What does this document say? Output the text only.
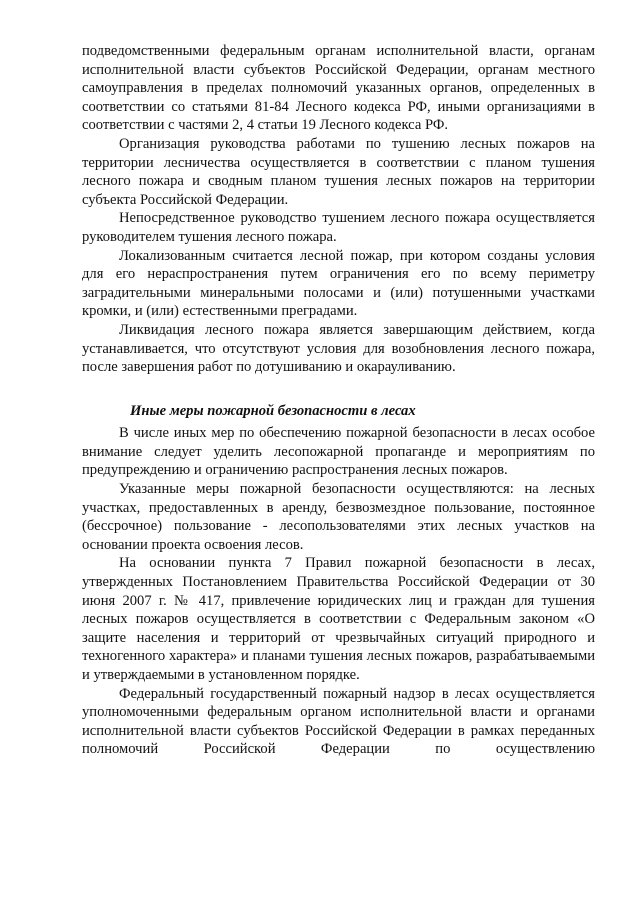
подведомственными федеральным органам исполнительной власти, органам исполнительной власти субъектов Российской Федерации, органам местного самоуправления в пределах полномочий указанных органов, определенных в соответствии со статьями 81-84 Лесного кодекса РФ, иными организациями в соответствии с частями 2, 4 статьи 19 Лесного кодекса РФ.

Организация руководства работами по тушению лесных пожаров на территории лесничества осуществляется в соответствии с планом тушения лесного пожара и сводным планом тушения лесных пожаров на территории субъекта Российской Федерации.

Непосредственное руководство тушением лесного пожара осуществляется руководителем тушения лесного пожара.

Локализованным считается лесной пожар, при котором созданы условия для его нераспространения путем ограничения его по всему периметру заградительными минеральными полосами и (или) потушенными участками кромки, и (или) естественными преградами.

Ликвидация лесного пожара является завершающим действием, когда устанавливается, что отсутствуют условия для возобновления лесного пожара, после завершения работ по дотушиванию и окарауливанию.

Иные меры пожарной безопасности в лесах

В числе иных мер по обеспечению пожарной безопасности в лесах особое внимание следует уделить лесопожарной пропаганде и мероприятиям по предупреждению и ограничению распространения лесных пожаров.

Указанные меры пожарной безопасности осуществляются: на лесных участках, предоставленных в аренду, безвозмездное пользование, постоянное (бессрочное) пользование - лесопользователями этих лесных участков на основании проекта освоения лесов.

На основании пункта 7 Правил пожарной безопасности в лесах, утвержденных Постановлением Правительства Российской Федерации от 30 июня 2007 г. № 417, привлечение юридических лиц и граждан для тушения лесных пожаров осуществляется в соответствии с Федеральным законом «О защите населения и территорий от чрезвычайных ситуаций природного и техногенного характера» и планами тушения лесных пожаров, разрабатываемыми и утверждаемыми в установленном порядке.

Федеральный государственный пожарный надзор в лесах осуществляется уполномоченными федеральным органом исполнительной власти и органами исполнительной власти субъектов Российской Федерации в рамках переданных полномочий Российской Федерации по осуществлению
